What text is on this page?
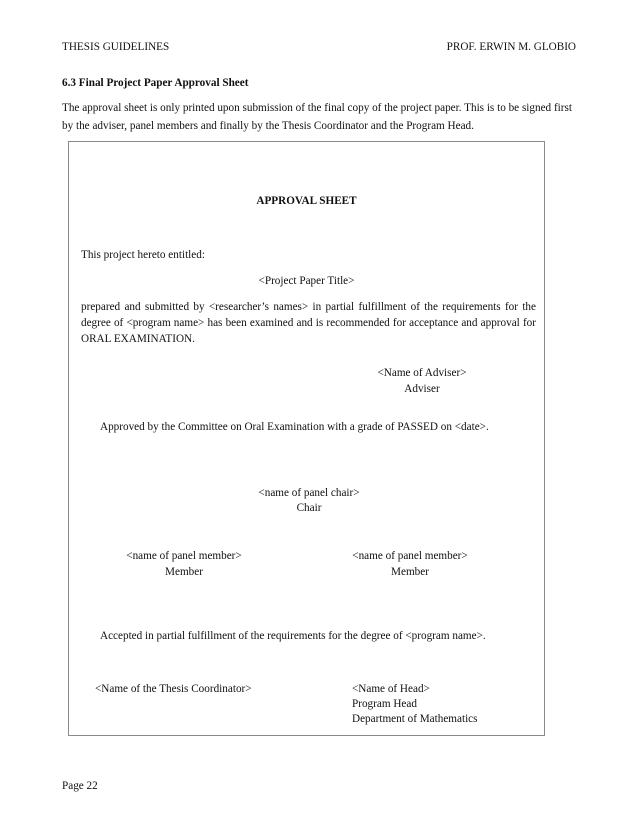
THESIS GUIDELINES	PROF. ERWIN M. GLOBIO
6.3 Final Project Paper Approval Sheet
The approval sheet is only printed upon submission of the final copy of the project paper. This is to be signed first by the adviser, panel members and finally by the Thesis Coordinator and the Program Head.
APPROVAL SHEET
This project hereto entitled:
<Project Paper Title>
prepared and submitted by <researcher’s names> in partial fulfillment of the requirements for the degree of <program name> has been examined and is recommended for acceptance and approval for ORAL EXAMINATION.
<Name of Adviser>
Adviser
Approved by the Committee on Oral Examination with a grade of PASSED on <date>.
<name of panel chair>
Chair
<name of panel member>
Member
<name of panel member>
Member
Accepted in partial fulfillment of the requirements for the degree of <program name>.
<Name of the Thesis Coordinator>	<Name of Head>
Program Head
Department of Mathematics
Page 22
